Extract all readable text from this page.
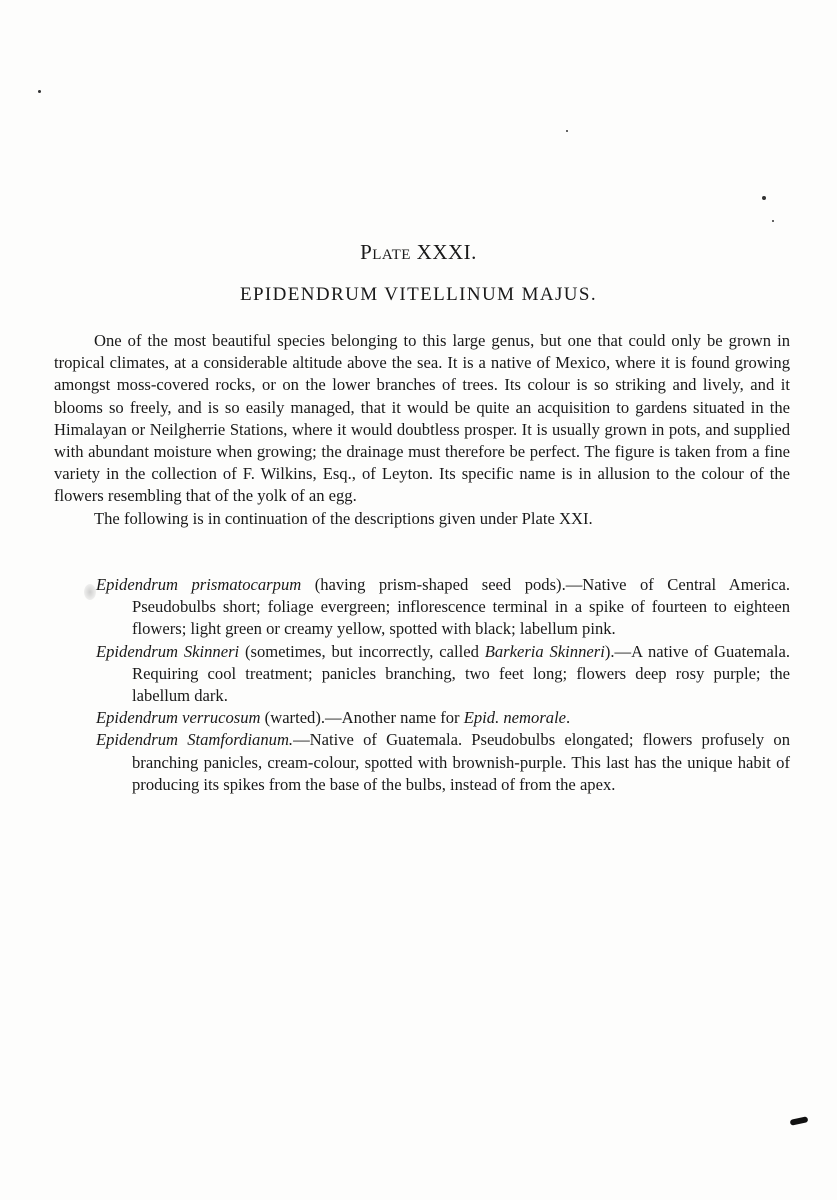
Plate XXXI.
EPIDENDRUM VITELLINUM MAJUS.

One of the most beautiful species belonging to this large genus, but one that could only be grown in tropical climates, at a considerable altitude above the sea. It is a native of Mexico, where it is found growing amongst moss-covered rocks, or on the lower branches of trees. Its colour is so striking and lively, and it blooms so freely, and is so easily managed, that it would be quite an acquisition to gardens situated in the Himalayan or Neilgherrie Stations, where it would doubtless prosper. It is usually grown in pots, and supplied with abundant moisture when growing; the drainage must therefore be perfect. The figure is taken from a fine variety in the collection of F. Wilkins, Esq., of Leyton. Its specific name is in allusion to the colour of the flowers resembling that of the yolk of an egg.

The following is in continuation of the descriptions given under Plate XXI.

Epidendrum prismatocarpum (having prism-shaped seed pods).—Native of Central America. Pseudobulbs short; foliage evergreen; inflorescence terminal in a spike of fourteen to eighteen flowers; light green or creamy yellow, spotted with black; labellum pink.

Epidendrum Skinneri (sometimes, but incorrectly, called Barkeria Skinneri).—A native of Guatemala. Requiring cool treatment; panicles branching, two feet long; flowers deep rosy purple; the labellum dark.

Epidendrum verrucosum (warted).—Another name for Epid. nemorale.

Epidendrum Stamfordianum.—Native of Guatemala. Pseudobulbs elongated; flowers profusely on branching panicles, cream-colour, spotted with brownish-purple. This last has the unique habit of producing its spikes from the base of the bulbs, instead of from the apex.
